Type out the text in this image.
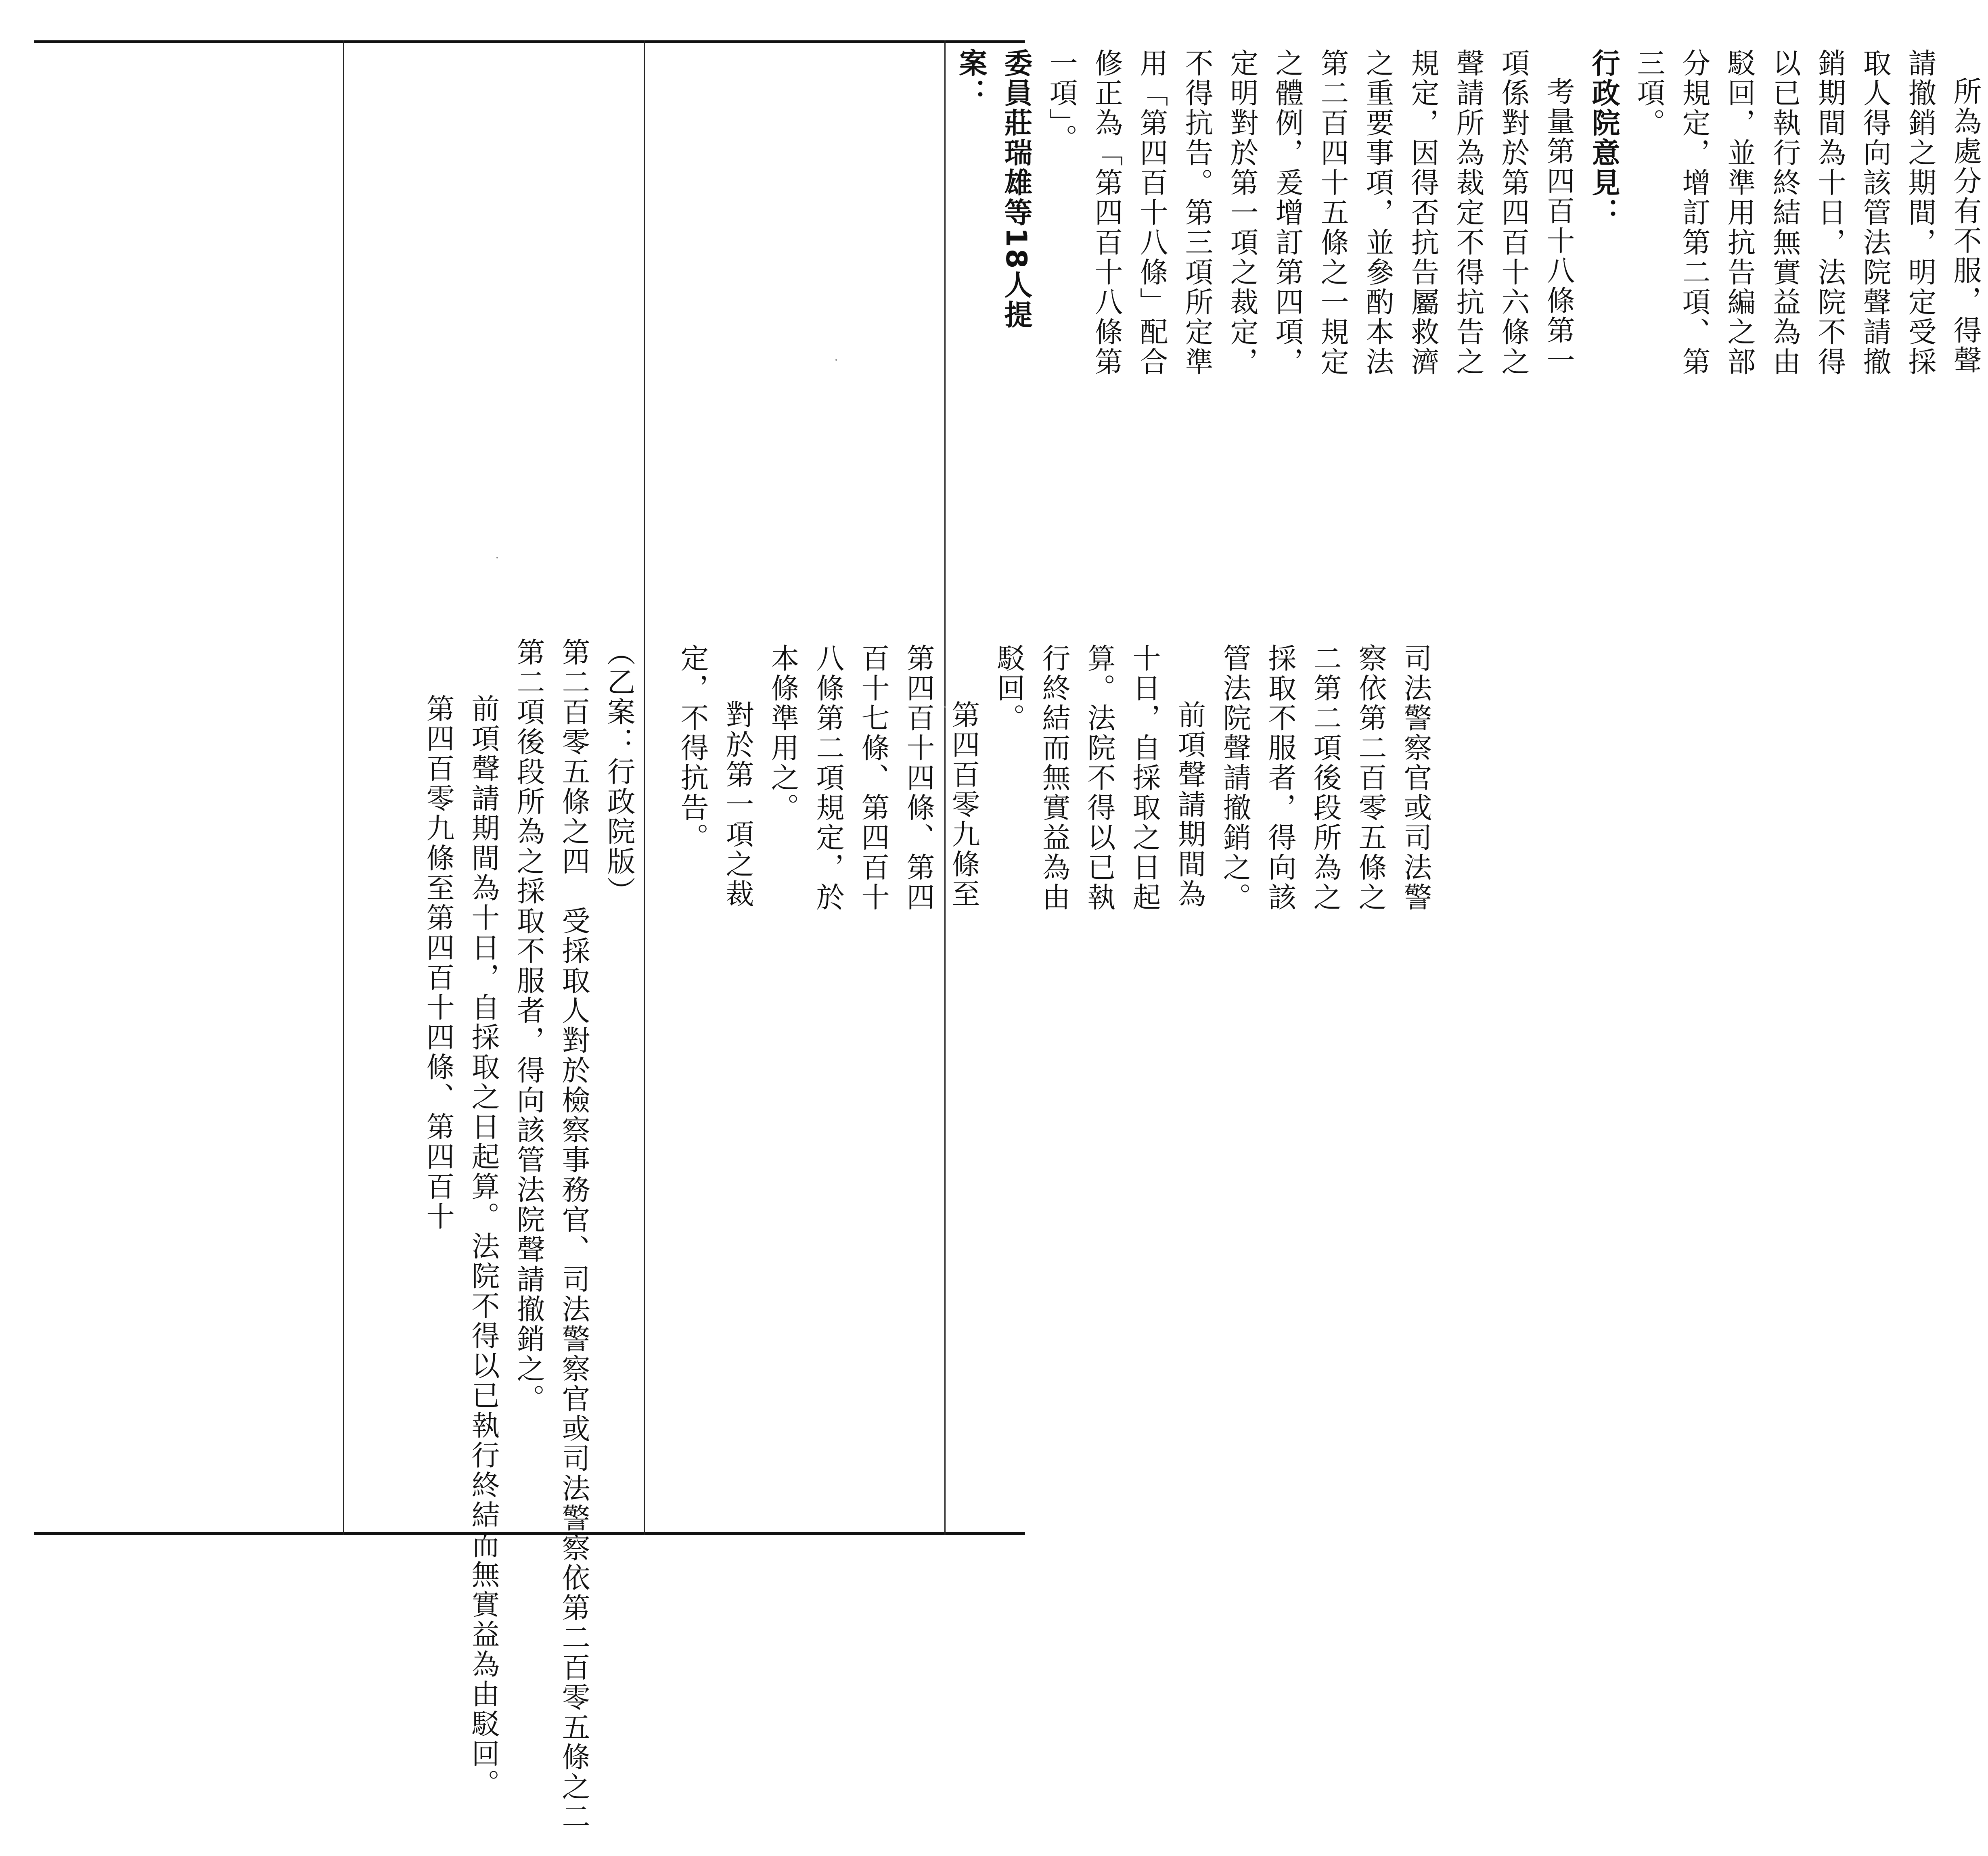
（乙案：行政院版）

第二百零五條之四　受採取人對於檢察事務官、司法警察官或司法警察依第二百零五條之二第二項後段所為之採取不服者，得向該管法院聲請撤銷之。

前項聲請期間為十日，自採取之日起算。法院不得以已執行終結而無實益為由駁回。

第四百零九條至第四百十四條、第四百十	司法警察官或司法警察依第二百零五條之二第二項後段所為之採取不服者，得向該管法院聲請撤銷之。

前項聲請期間為十日，自採取之日起算。法院不得以已執行終結而無實益為由駁回。

第四百零九條至第四百十四條、第四百十七條、第四百十八條第二項規定，於本條準用之。

對於第一項之裁定，不得抗告。

所為處分有不服，得聲請撤銷之期間，明定受採取人得向該管法院聲請撤銷期間為十日，法院不得以已執行終結無實益為由駁回，並準用抗告編之部分規定，增訂第二項、第三項。

行政院意見：

考量第四百十八條第一項係對於第四百十六條之聲請所為裁定不得抗告之規定，因得否抗告屬救濟之重要事項，並參酌本法第二百四十五條之一規定之體例，爰增訂第四項，定明對於第一項之裁定，不得抗告。第三項所定準用「第四百十八條」配合修正為「第四百十八條第一項」。

委員莊瑞雄等18人提案：
